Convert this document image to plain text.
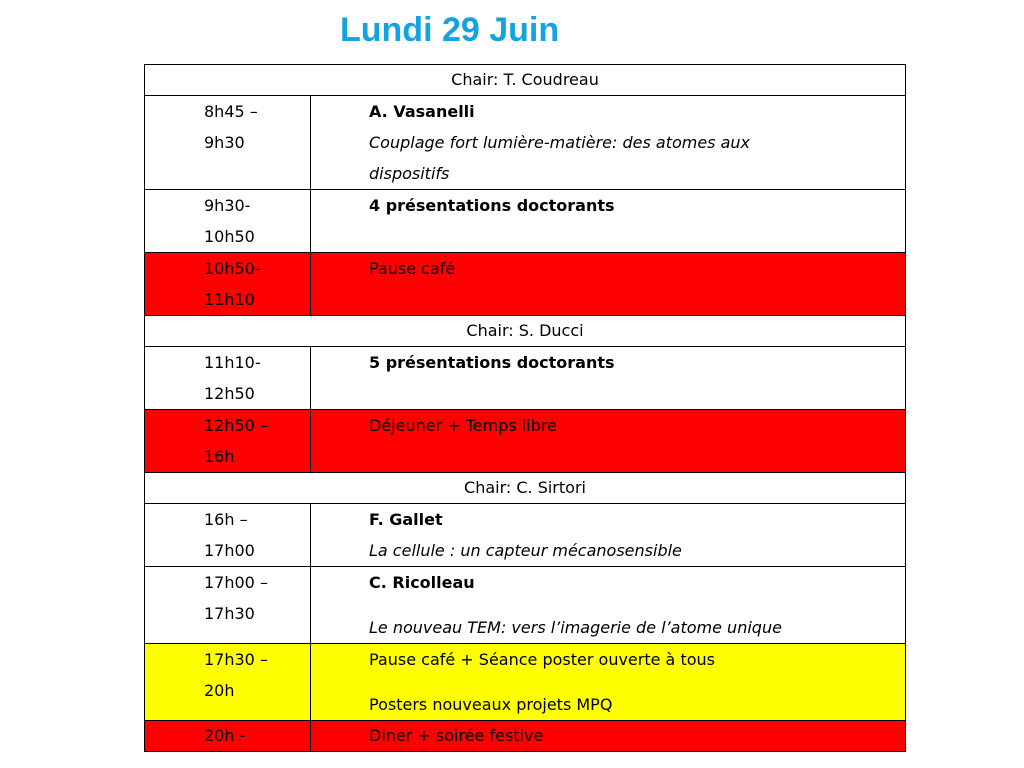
Lundi 29 Juin
Chair: T. Coudreau	

8h45 –
9h30	A. Vasanelli
Couplage fort lumière-matière: des atomes aux
dispositifs

9h30-
10h50	4 présentations doctorants

10h50-
11h10	Pause café

Chair: S. Ducci	

11h10-
12h50	5 présentations doctorants

12h50 –
16h	Déjeuner + Temps libre

Chair: C. Sirtori	

16h –
17h00	F. Gallet
La cellule : un capteur mécanosensible

17h00 –
17h30	C. Ricolleau
Le nouveau TEM: vers l’imagerie de l’atome unique

17h30 –
20h	Pause café + Séance poster ouverte à tous
Posters nouveaux projets MPQ

20h -	Diner + soirée festive
